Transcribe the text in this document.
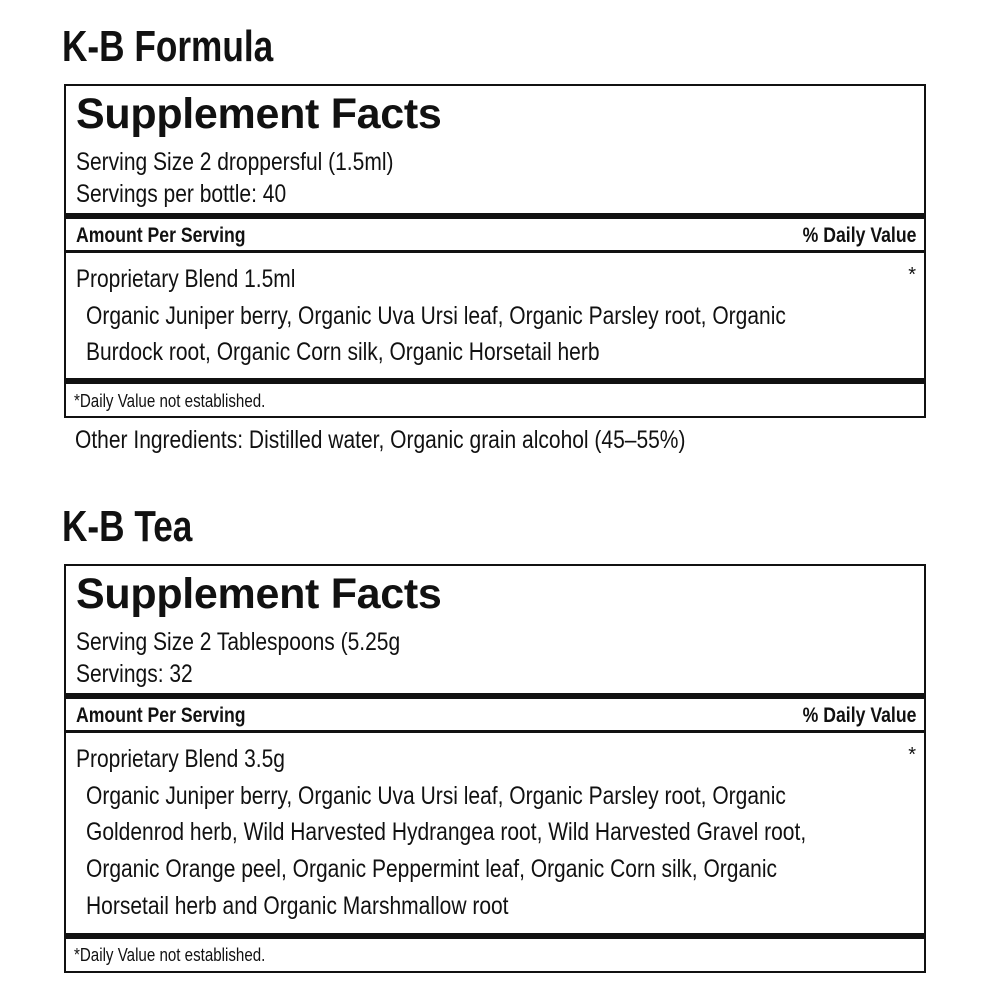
K-B Formula
Supplement Facts
Serving Size 2 droppersful (1.5ml)
Servings per bottle: 40
Amount Per Serving	% Daily Value
Proprietary Blend 1.5ml	*
Organic Juniper berry, Organic Uva Ursi leaf, Organic Parsley root, Organic
Burdock root, Organic Corn silk, Organic Horsetail herb
*Daily Value not established.
Other Ingredients: Distilled water, Organic grain alcohol (45–55%)
K-B Tea
Supplement Facts
Serving Size 2 Tablespoons (5.25g
Servings: 32
Amount Per Serving	% Daily Value
Proprietary Blend 3.5g	*
Organic Juniper berry, Organic Uva Ursi leaf, Organic Parsley root, Organic
Goldenrod herb, Wild Harvested Hydrangea root, Wild Harvested Gravel root,
Organic Orange peel, Organic Peppermint leaf, Organic Corn silk, Organic
Horsetail herb and Organic Marshmallow root
*Daily Value not established.
